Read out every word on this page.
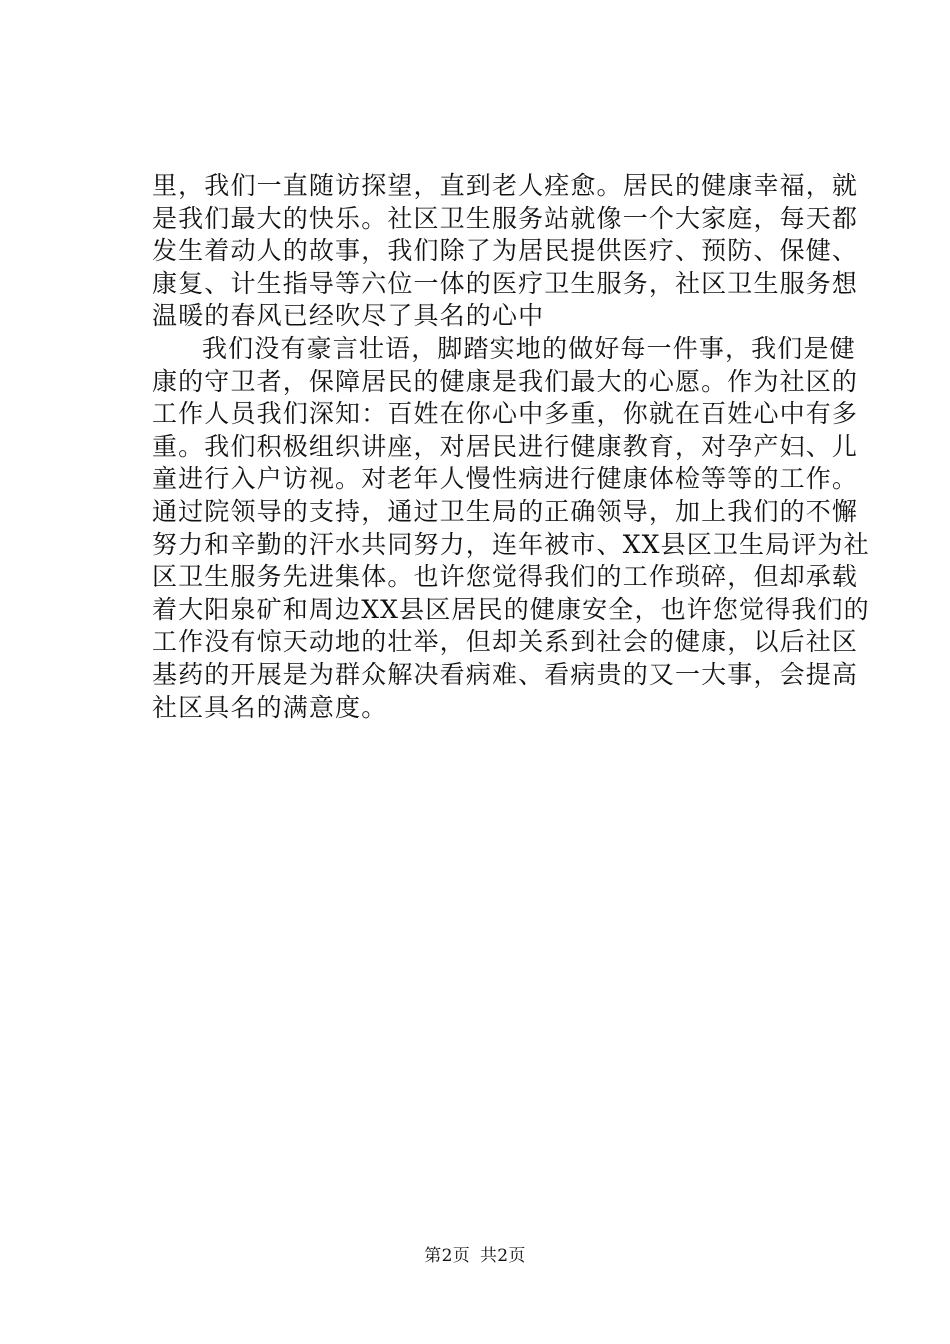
里，我们一直随访探望，直到老人痊愈。居民的健康幸福，就
是我们最大的快乐。社区卫生服务站就像一个大家庭，每天都
发生着动人的故事，我们除了为居民提供医疗、预防、保健、
康复、计生指导等六位一体的医疗卫生服务，社区卫生服务想
温暖的春风已经吹尽了具名的心中
我们没有豪言壮语，脚踏实地的做好每一件事，我们是健
康的守卫者，保障居民的健康是我们最大的心愿。作为社区的
工作人员我们深知：百姓在你心中多重，你就在百姓心中有多
重。我们积极组织讲座，对居民进行健康教育，对孕产妇、儿
童进行入户访视。对老年人慢性病进行健康体检等等的工作。
通过院领导的支持，通过卫生局的正确领导，加上我们的不懈
努力和辛勤的汗水共同努力，连年被市、XX县区卫生局评为社
区卫生服务先进集体。也许您觉得我们的工作琐碎，但却承载
着大阳泉矿和周边XX县区居民的健康安全，也许您觉得我们的
工作没有惊天动地的壮举，但却关系到社会的健康，以后社区
基药的开展是为群众解决看病难、看病贵的又一大事，会提高
社区具名的满意度。
第2页 共2页
